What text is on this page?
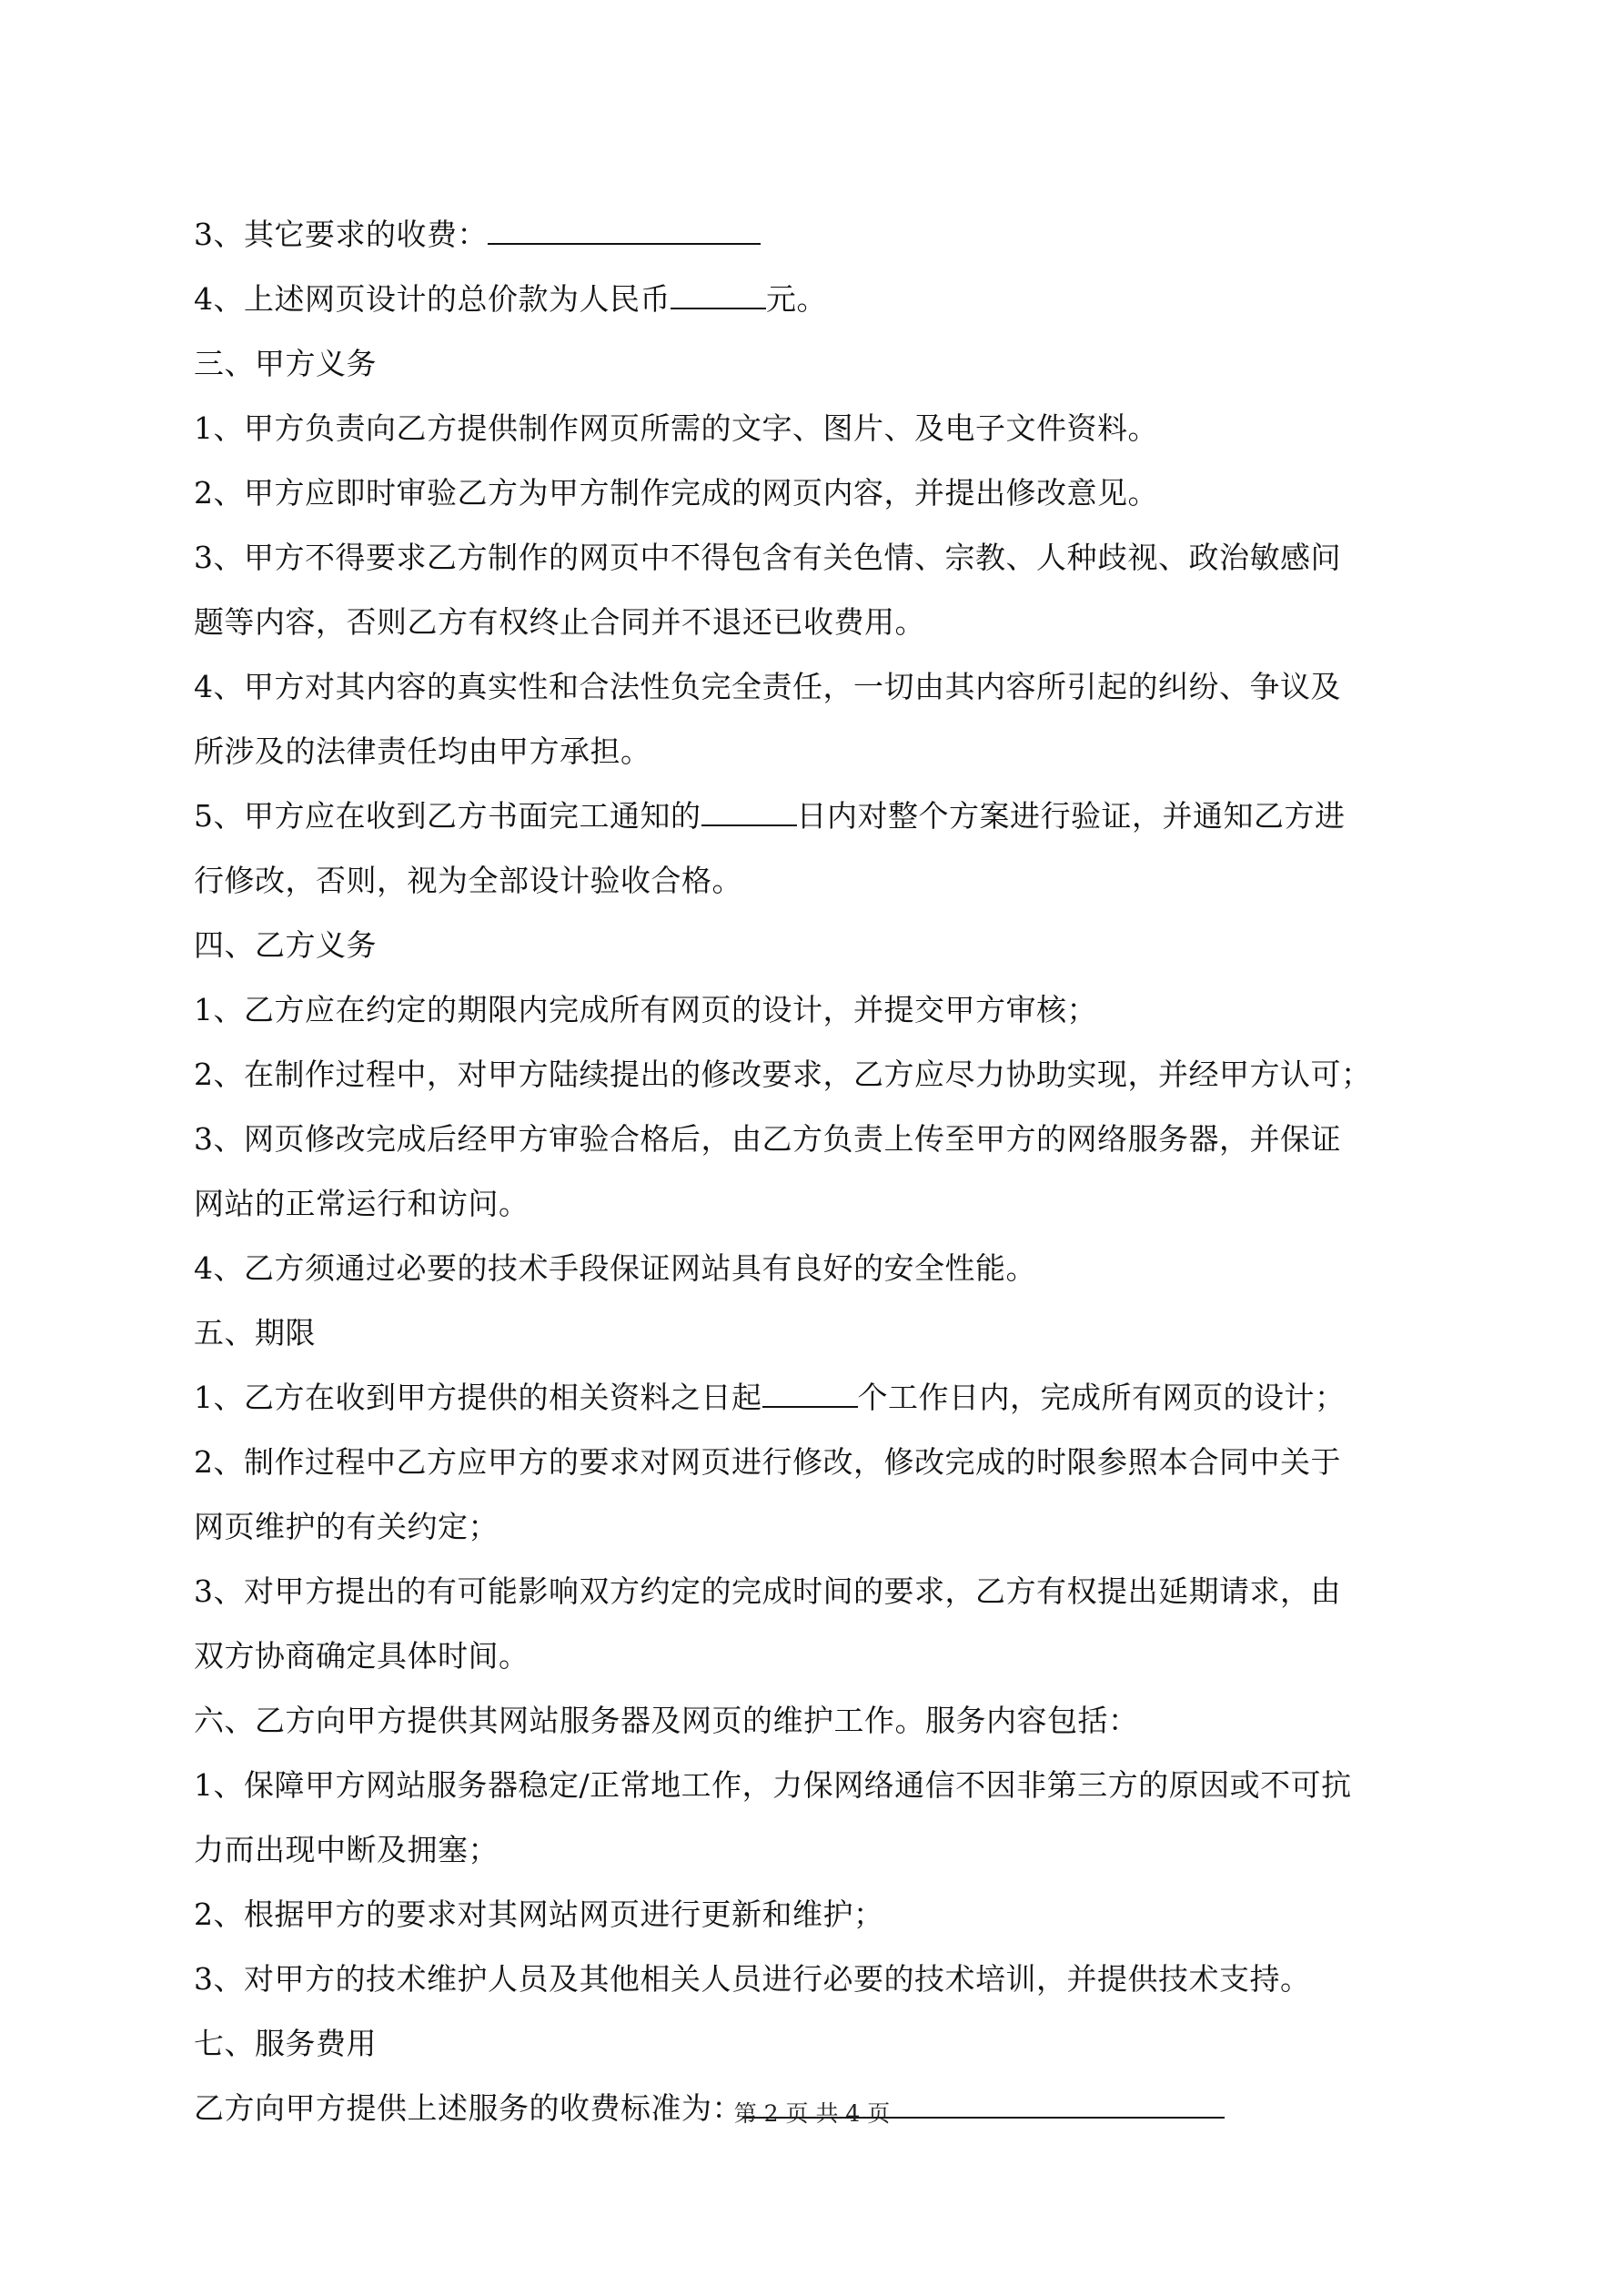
3、其它要求的收费：
4、上述网页设计的总价款为人民币	元。
三、甲方义务
1、甲方负责向乙方提供制作网页所需的文字、图片、及电子文件资料。
2、甲方应即时审验乙方为甲方制作完成的网页内容，并提出修改意见。
3、甲方不得要求乙方制作的网页中不得包含有关色情、宗教、人种歧视、政治敏感问
题等内容，否则乙方有权终止合同并不退还已收费用。
4、甲方对其内容的真实性和合法性负完全责任，一切由其内容所引起的纠纷、争议及
所涉及的法律责任均由甲方承担。
5、甲方应在收到乙方书面完工通知的	日内对整个方案进行验证，并通知乙方进
行修改，否则，视为全部设计验收合格。
四、乙方义务
1、乙方应在约定的期限内完成所有网页的设计，并提交甲方审核；
2、在制作过程中，对甲方陆续提出的修改要求，乙方应尽力协助实现，并经甲方认可；
3、网页修改完成后经甲方审验合格后，由乙方负责上传至甲方的网络服务器，并保证
网站的正常运行和访问。
4、乙方须通过必要的技术手段保证网站具有良好的安全性能。
五、期限
1、乙方在收到甲方提供的相关资料之日起	个工作日内，完成所有网页的设计；
2、制作过程中乙方应甲方的要求对网页进行修改，修改完成的时限参照本合同中关于
网页维护的有关约定；
3、对甲方提出的有可能影响双方约定的完成时间的要求，乙方有权提出延期请求，由
双方协商确定具体时间。
六、乙方向甲方提供其网站服务器及网页的维护工作。服务内容包括：
1、保障甲方网站服务器稳定/正常地工作，力保网络通信不因非第三方的原因或不可抗
力而出现中断及拥塞；
2、根据甲方的要求对其网站网页进行更新和维护；
3、对甲方的技术维护人员及其他相关人员进行必要的技术培训，并提供技术支持。
七、服务费用
乙方向甲方提供上述服务的收费标准为：
第 2 页 共 4 页
